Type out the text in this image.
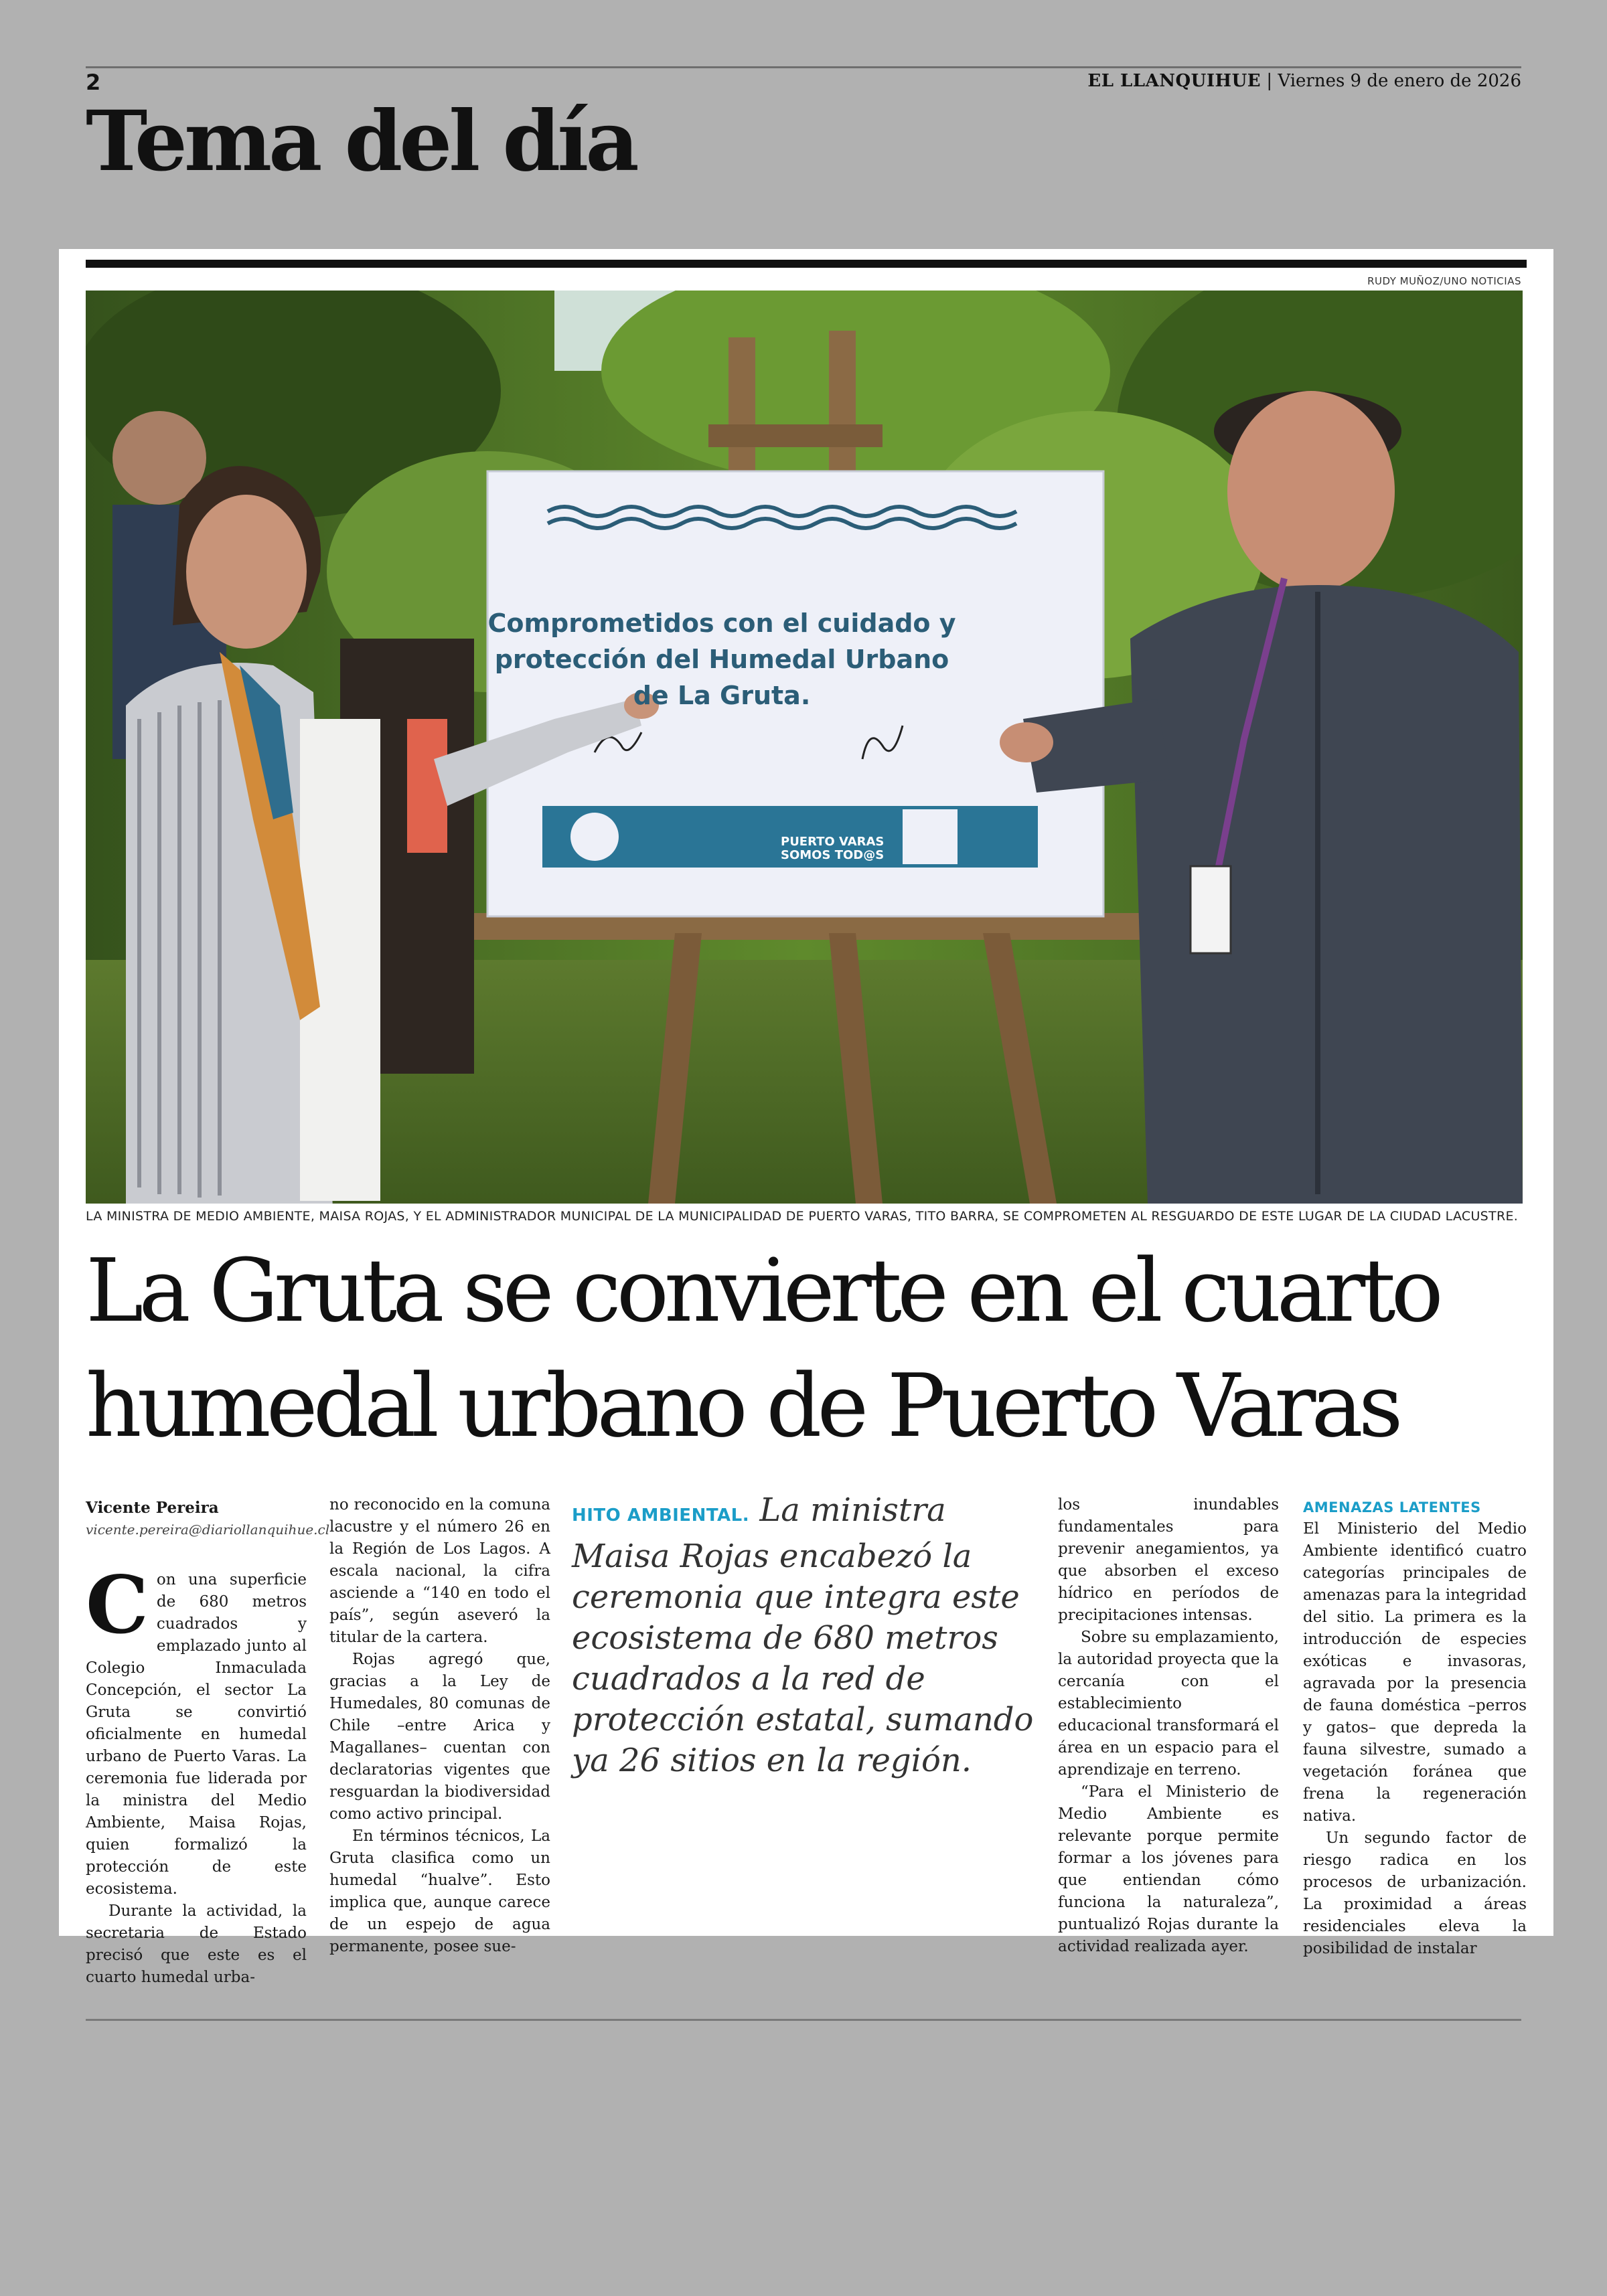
2	EL LLANQUIHUE | Viernes 9 de enero de 2026
Tema del día
RUDY MUÑOZ/UNO NOTICIAS
Comprometidos con el cuidado y protección del Humedal Urbano de La Gruta.
PUERTO VARAS
SOMOS TOD@S
LA MINISTRA DE MEDIO AMBIENTE, MAISA ROJAS, Y EL ADMINISTRADOR MUNICIPAL DE LA MUNICIPALIDAD DE PUERTO VARAS, TITO BARRA, SE COMPROMETEN AL RESGUARDO DE ESTE LUGAR DE LA CIUDAD LACUSTRE.
La Gruta se convierte en el cuarto humedal urbano de Puerto Varas
Vicente Pereira
vicente.pereira@diariollanquihue.cl

Con una superficie de 680 metros cuadrados y emplazado junto al Colegio Inmaculada Concepción, el sector La Gruta se convirtió oficialmente en humedal urbano de Puerto Varas. La ceremonia fue liderada por la ministra del Medio Ambiente, Maisa Rojas, quien formalizó la protección de este ecosistema.

Durante la actividad, la secretaria de Estado precisó que este es el cuarto humedal urba-

no reconocido en la comuna lacustre y el número 26 en la Región de Los Lagos. A escala nacional, la cifra asciende a “140 en todo el país”, según aseveró la titular de la cartera.

Rojas agregó que, gracias a la Ley de Humedales, 80 comunas de Chile –entre Arica y Magallanes– cuentan con declaratorias vigentes que resguardan la biodiversidad como activo principal.

En términos técnicos, La Gruta clasifica como un humedal “hualve”. Esto implica que, aunque carece de un espejo de agua permanente, posee sue-

HITO AMBIENTAL. La ministra Maisa Rojas encabezó la ceremonia que integra este ecosistema de 680 metros cuadrados a la red de protección estatal, sumando ya 26 sitios en la región.

los inundables fundamentales para prevenir anegamientos, ya que absorben el exceso hídrico en períodos de precipitaciones intensas.

Sobre su emplazamiento, la autoridad proyecta que la cercanía con el establecimiento educacional transformará el área en un espacio para el aprendizaje en terreno.

“Para el Ministerio de Medio Ambiente es relevante porque permite formar a los jóvenes para que entiendan cómo funciona la naturaleza”, puntualizó Rojas durante la actividad realizada ayer.

AMENAZAS LATENTES

El Ministerio del Medio Ambiente identificó cuatro categorías principales de amenazas para la integridad del sitio. La primera es la introducción de especies exóticas e invasoras, agravada por la presencia de fauna doméstica –perros y gatos– que depreda la fauna silvestre, sumado a vegetación foránea que frena la regeneración nativa.

Un segundo factor de riesgo radica en los procesos de urbanización. La proximidad a áreas residenciales eleva la posibilidad de instalar
